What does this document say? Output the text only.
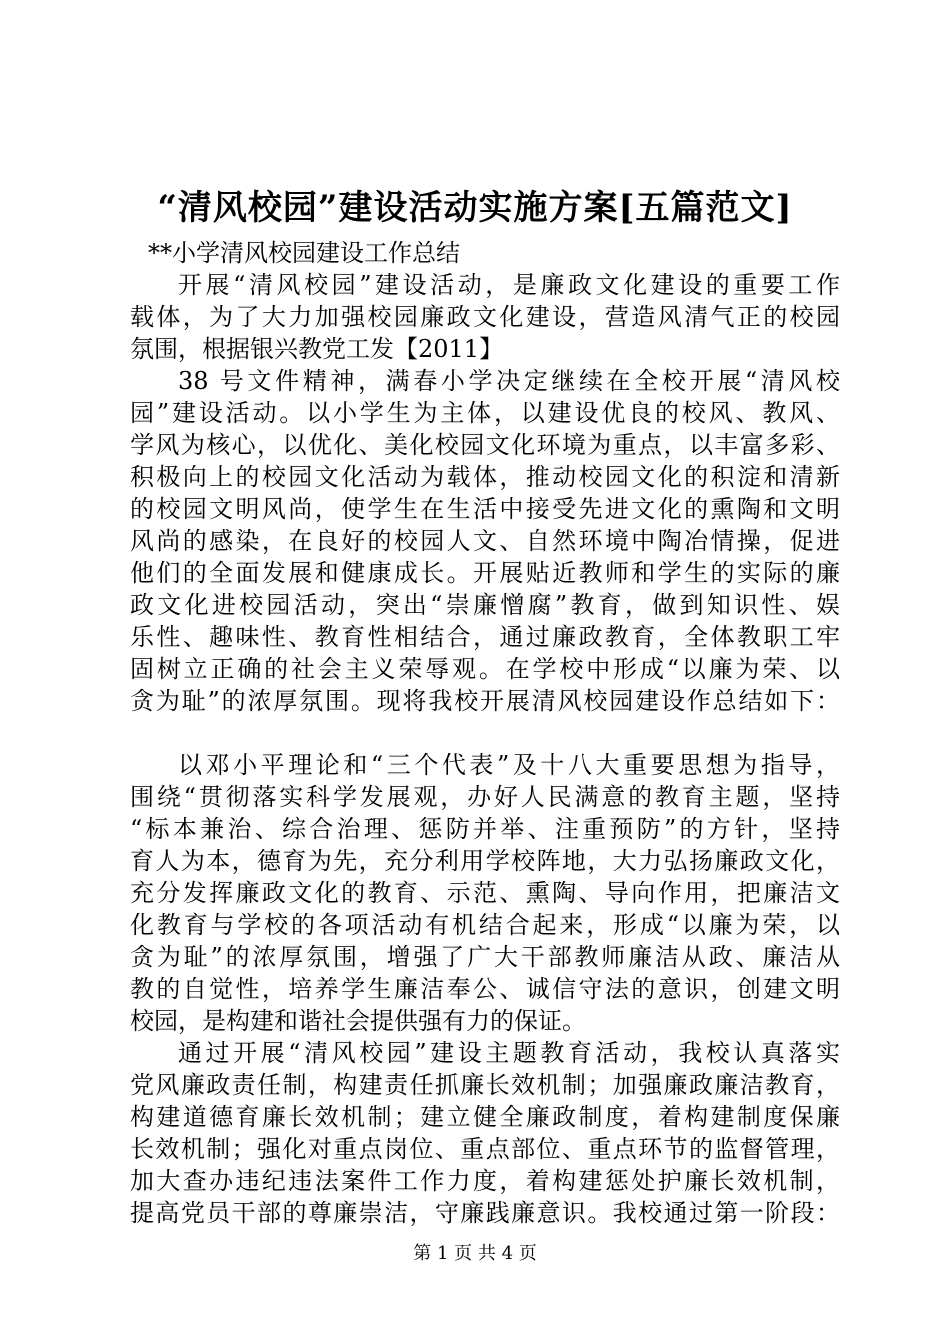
“清风校园”建设活动实施方案[五篇范文]
**小学清风校园建设工作总结
开展“清风校园”建设活动，是廉政文化建设的重要工作
载体，为了大力加强校园廉政文化建设，营造风清气正的校园
氛围，根据银兴教党工发【2011】
38 号文件精神，满春小学决定继续在全校开展“清风校
园”建设活动。以小学生为主体，以建设优良的校风、教风、
学风为核心，以优化、美化校园文化环境为重点，以丰富多彩、
积极向上的校园文化活动为载体，推动校园文化的积淀和清新
的校园文明风尚，使学生在生活中接受先进文化的熏陶和文明
风尚的感染，在良好的校园人文、自然环境中陶冶情操，促进
他们的全面发展和健康成长。开展贴近教师和学生的实际的廉
政文化进校园活动，突出“崇廉憎腐”教育，做到知识性、娱
乐性、趣味性、教育性相结合，通过廉政教育，全体教职工牢
固树立正确的社会主义荣辱观。在学校中形成“以廉为荣、以
贪为耻”的浓厚氛围。现将我校开展清风校园建设作总结如下：
以邓小平理论和“三个代表”及十八大重要思想为指导，
围绕“贯彻落实科学发展观，办好人民满意的教育主题，坚持
“标本兼治、综合治理、惩防并举、注重预防”的方针，坚持
育人为本，德育为先，充分利用学校阵地，大力弘扬廉政文化，
充分发挥廉政文化的教育、示范、熏陶、导向作用，把廉洁文
化教育与学校的各项活动有机结合起来，形成“以廉为荣，以
贪为耻”的浓厚氛围，增强了广大干部教师廉洁从政、廉洁从
教的自觉性，培养学生廉洁奉公、诚信守法的意识，创建文明
校园，是构建和谐社会提供强有力的保证。
通过开展“清风校园”建设主题教育活动，我校认真落实
党风廉政责任制，构建责任抓廉长效机制；加强廉政廉洁教育，
构建道德育廉长效机制；建立健全廉政制度，着构建制度保廉
长效机制；强化对重点岗位、重点部位、重点环节的监督管理，
加大查办违纪违法案件工作力度，着构建惩处护廉长效机制，
提高党员干部的尊廉崇洁，守廉践廉意识。我校通过第一阶段：
第 1 页 共 4 页
